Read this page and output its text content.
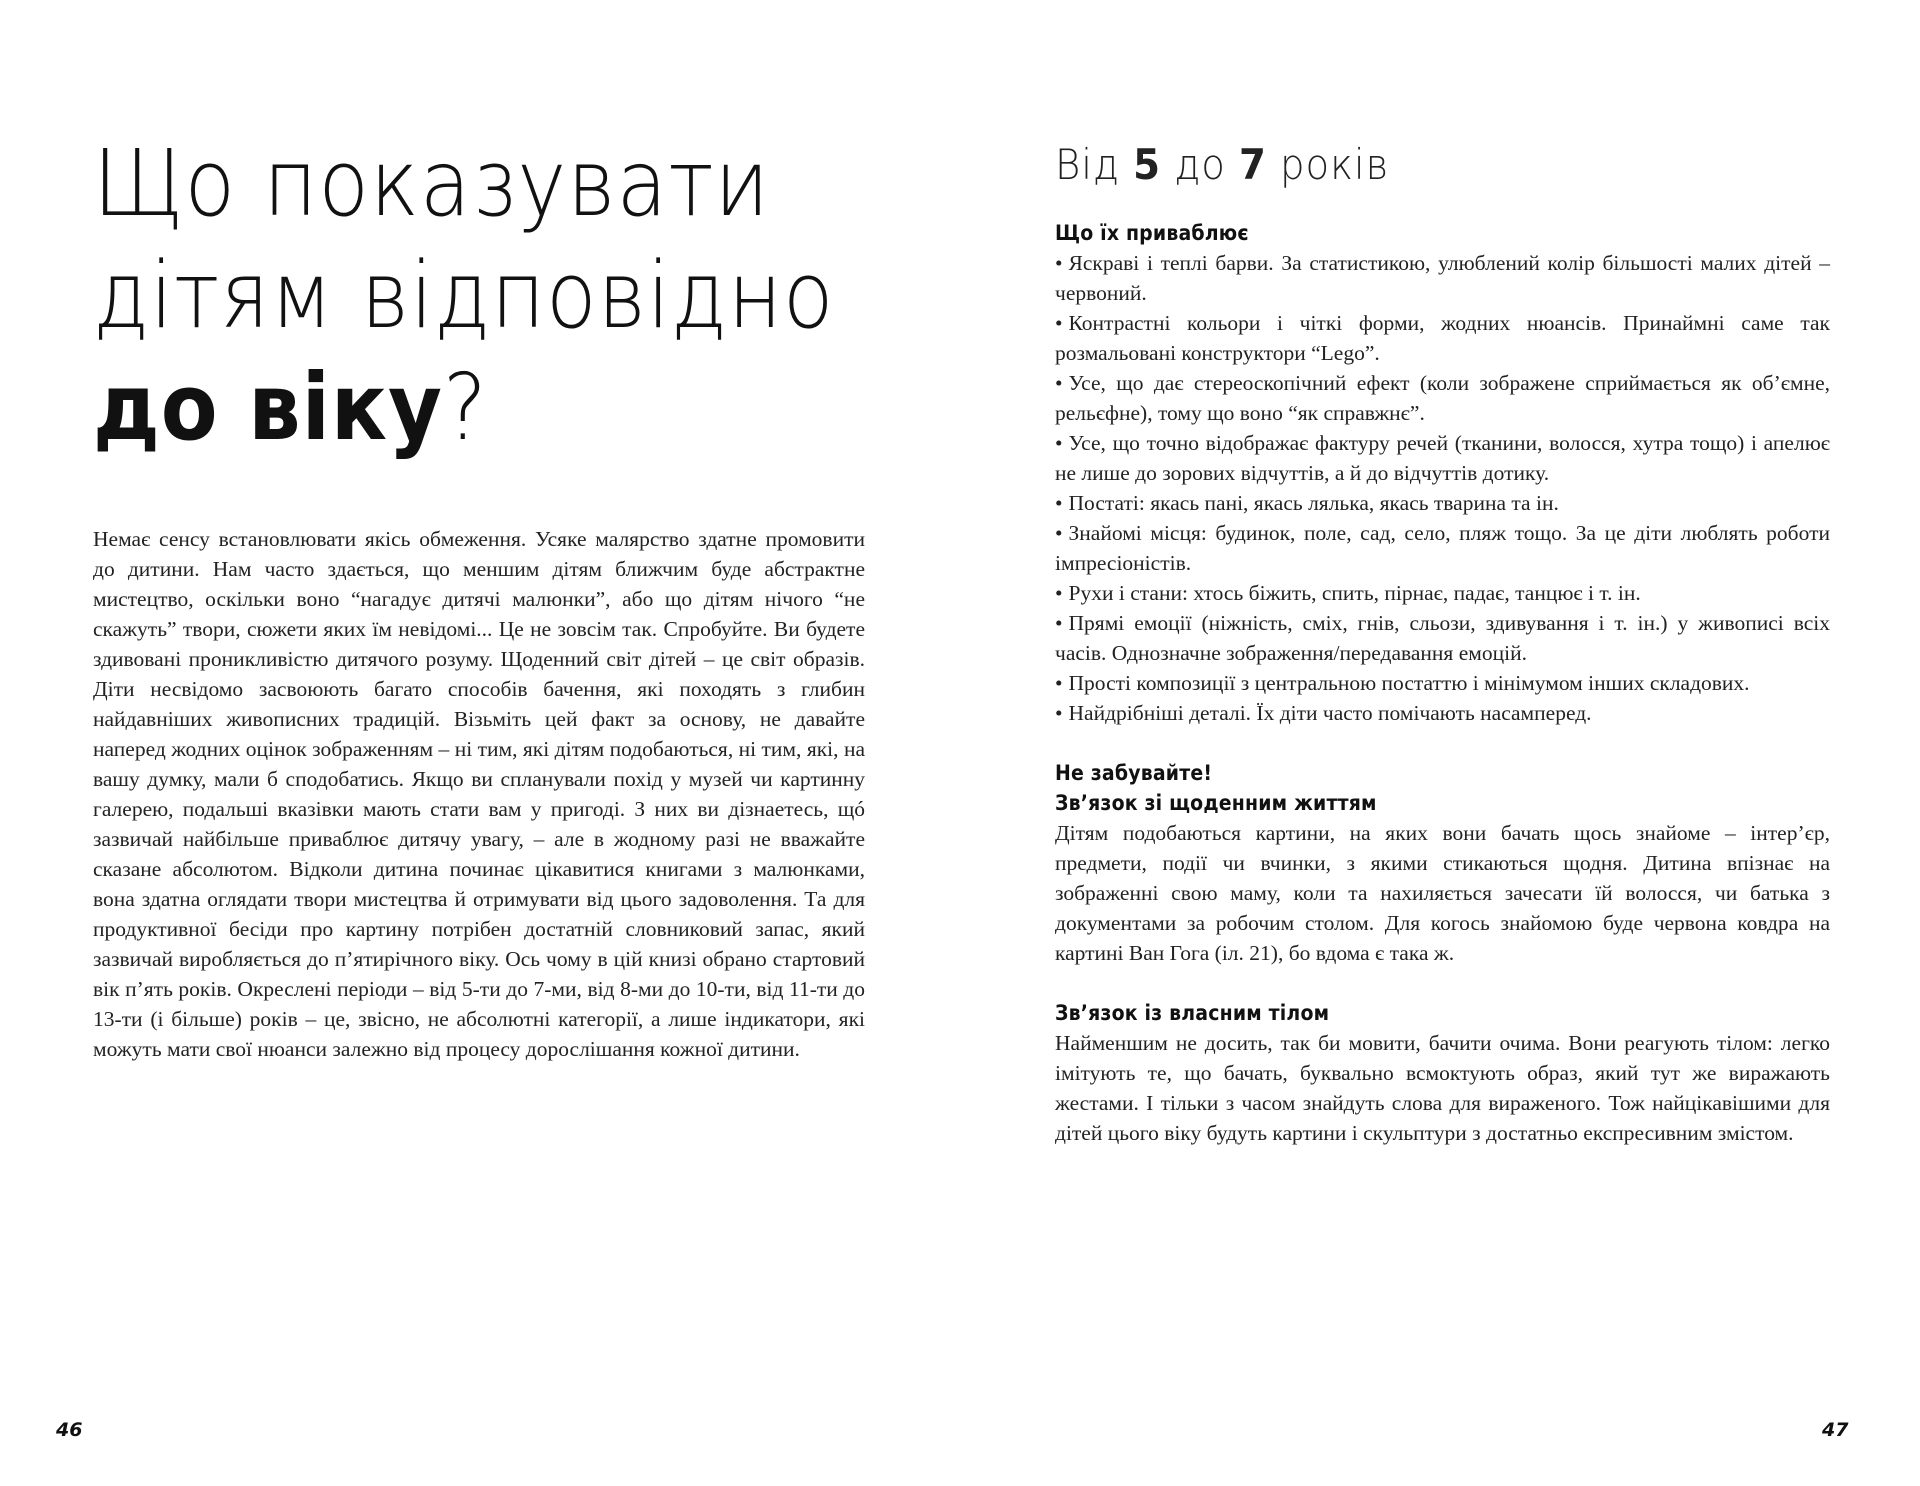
Що показувати
дітям відповідно
до віку?

Немає сенсу встановлювати якісь обмеження. Усяке малярство здатне промовити до дитини. Нам часто здається, що меншим дітям ближчим буде абстрактне мистецтво, оскільки воно “нагадує дитячі малюнки”, або що дітям нічого “не скажуть” твори, сюжети яких їм невідомі... Це не зовсім так. Спробуйте. Ви будете здивовані проникливістю дитячого розуму. Щоденний світ дітей – це світ образів. Діти несвідомо засвоюють багато способів бачення, які походять з глибин найдавніших живописних традицій. Візьміть цей факт за основу, не давайте наперед жодних оцінок зображенням – ні тим, які дітям подобаються, ні тим, які, на вашу думку, мали б сподобатись. Якщо ви спланували похід у музей чи картинну галерею, подальші вказівки мають стати вам у пригоді. З них ви дізнаетесь, щó зазвичай найбільше приваблює дитячу увагу, – але в жодному разі не вважайте сказане абсолютом. Відколи дитина починає цікавитися книгами з малюнками, вона здатна оглядати твори мистецтва й отримувати від цього задоволення. Та для продуктивної бесіди про картину потрібен достатній словниковий запас, який зазвичай виробляється до п’ятирічного віку. Ось чому в цій книзі обрано стартовий вік п’ять років. Окреслені періоди – від 5-ти до 7-ми, від 8-ми до 10-ти, від 11-ти до 13-ти (і більше) років – це, звісно, не абсолютні категорії, а лише індикатори, які можуть мати свої нюанси залежно від процесу дорослішання кожної дитини.

46
Від 5 до 7 років
Що їх приваблює
• Яскраві і теплі барви. За статистикою, улюблений колір більшості малих дітей – червоний.
• Контрастні кольори і чіткі форми, жодних нюансів. Принаймні саме так розмальовані конструктори “Lego”.
• Усе, що дає стереоскопічний ефект (коли зображене сприймається як об’ємне, рельєфне), тому що воно “як справжнє”.
• Усе, що точно відображає фактуру речей (тканини, волосся, хутра тощо) і апелює не лише до зорових відчуттів, а й до відчуттів дотику.
• Постаті: якась пані, якась лялька, якась тварина та ін.
• Знайомі місця: будинок, поле, сад, село, пляж тощо. За це діти люблять роботи імпресіоністів.
• Рухи і стани: хтось біжить, спить, пірнає, падає, танцює і т. ін.
• Прямі емоції (ніжність, сміх, гнів, сльози, здивування і т. ін.) у живописі всіх часів. Однозначне зображення/передавання емоцій.
• Прості композиції з центральною постаттю і мінімумом інших складових.
• Найдрібніші деталі. Їх діти часто помічають насамперед.
Не забувайте!
Зв’язок зі щоденним життям

Дітям подобаються картини, на яких вони бачать щось знайоме – інтер’єр, предмети, події чи вчинки, з якими стикаються щодня. Дитина впізнає на зображенні свою маму, коли та нахиляється зачесати їй волосся, чи батька з документами за робочим столом. Для когось знайомою буде червона ковдра на картині Ван Гога (іл. 21), бо вдома є така ж.

Зв’язок із власним тілом

Найменшим не досить, так би мовити, бачити очима. Вони реагують тілом: легко імітують те, що бачать, буквально всмоктують образ, який тут же виражають жестами. І тільки з часом знайдуть слова для вираженого. Тож найцікавішими для дітей цього віку будуть картини і скульптури з достатньо експресивним змістом.

47
